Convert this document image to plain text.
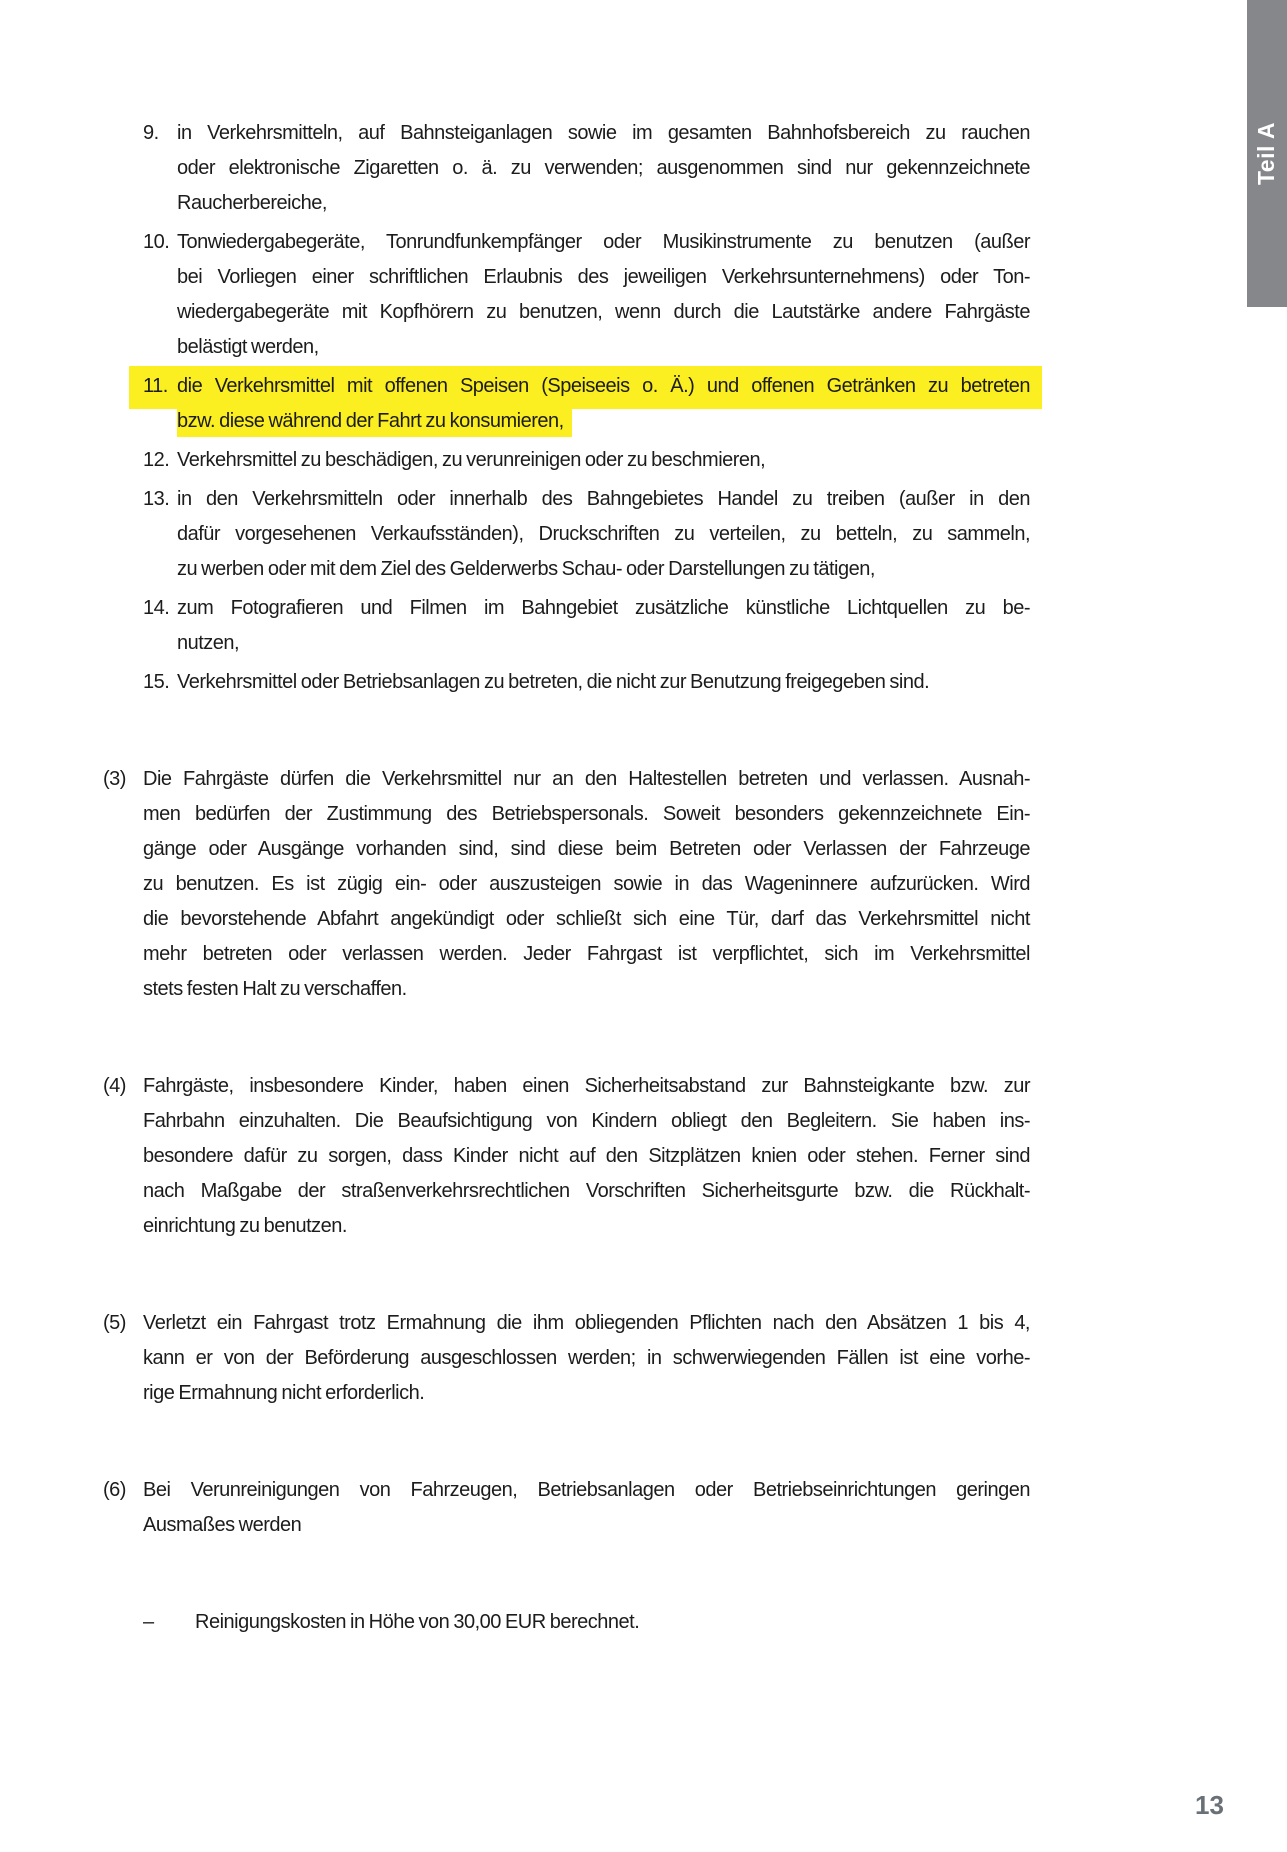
Teil A
9. in Verkehrsmitteln, auf Bahnsteiganlagen sowie im gesamten Bahnhofsbereich zu rauchen
oder elektronische Zigaretten o. ä. zu verwenden; ausgenommen sind nur gekennzeichnete
Raucherbereiche,
10. Tonwiedergabegeräte, Tonrundfunkempfänger oder Musikinstrumente zu benutzen (außer
bei Vorliegen einer schriftlichen Erlaubnis des jeweiligen Verkehrsunternehmens) oder Ton-
wiedergabegeräte mit Kopfhörern zu benutzen, wenn durch die Lautstärke andere Fahrgäste
belästigt werden,
11. die Verkehrsmittel mit offenen Speisen (Speiseeis o. Ä.) und offenen Getränken zu betreten
bzw. diese während der Fahrt zu konsumieren,
12. Verkehrsmittel zu beschädigen, zu verunreinigen oder zu beschmieren,
13. in den Verkehrsmitteln oder innerhalb des Bahngebietes Handel zu treiben (außer in den
dafür vorgesehenen Verkaufsständen), Druckschriften zu verteilen, zu betteln, zu sammeln,
zu werben oder mit dem Ziel des Gelderwerbs Schau- oder Darstellungen zu tätigen,
14. zum Fotografieren und Filmen im Bahngebiet zusätzliche künstliche Lichtquellen zu be-
nutzen,
15. Verkehrsmittel oder Betriebsanlagen zu betreten, die nicht zur Benutzung freigegeben sind.
(3) Die Fahrgäste dürfen die Verkehrsmittel nur an den Haltestellen betreten und verlassen. Ausnah-
men bedürfen der Zustimmung des Betriebspersonals. Soweit besonders gekennzeichnete Ein-
gänge oder Ausgänge vorhanden sind, sind diese beim Betreten oder Verlassen der Fahrzeuge
zu benutzen. Es ist zügig ein- oder auszusteigen sowie in das Wageninnere aufzurücken. Wird
die bevorstehende Abfahrt angekündigt oder schließt sich eine Tür, darf das Verkehrsmittel nicht
mehr betreten oder verlassen werden. Jeder Fahrgast ist verpflichtet, sich im Verkehrsmittel
stets festen Halt zu verschaffen.
(4) Fahrgäste, insbesondere Kinder, haben einen Sicherheitsabstand zur Bahnsteigkante bzw. zur
Fahrbahn einzuhalten. Die Beaufsichtigung von Kindern obliegt den Begleitern. Sie haben ins-
besondere dafür zu sorgen, dass Kinder nicht auf den Sitzplätzen knien oder stehen. Ferner sind
nach Maßgabe der straßenverkehrsrechtlichen Vorschriften Sicherheitsgurte bzw. die Rückhalt-
einrichtung zu benutzen.
(5) Verletzt ein Fahrgast trotz Ermahnung die ihm obliegenden Pflichten nach den Absätzen 1 bis 4,
kann er von der Beförderung ausgeschlossen werden; in schwerwiegenden Fällen ist eine vorhe-
rige Ermahnung nicht erforderlich.
(6) Bei Verunreinigungen von Fahrzeugen, Betriebsanlagen oder Betriebseinrichtungen geringen
Ausmaßes werden
–	Reinigungskosten in Höhe von 30,00 EUR berechnet.
13
